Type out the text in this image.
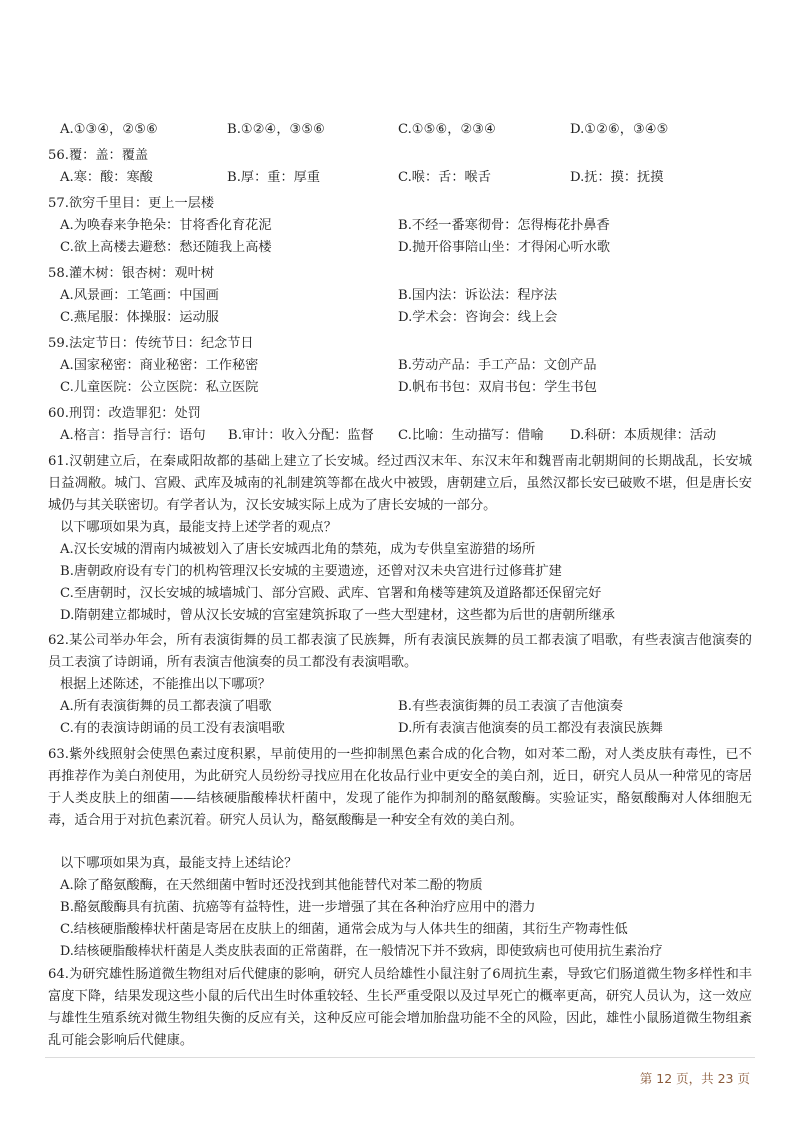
A.①③④，②⑤⑥	B.①②④，③⑤⑥	C.①⑤⑥，②③④	D.①②⑥，③④⑤
56.覆：盖：覆盖
A.寒：酸：寒酸	B.厚：重：厚重	C.喉：舌：喉舌	D.抚：摸：抚摸
57.欲穷千里目：更上一层楼
A.为唤春来争艳朵：甘将香化育花泥	B.不经一番寒彻骨：怎得梅花扑鼻香
C.欲上高楼去避愁：愁还随我上高楼	D.抛开俗事陪山坐：才得闲心听水歌
58.灌木树：银杏树：观叶树
A.风景画：工笔画：中国画	B.国内法：诉讼法：程序法
C.燕尾服：体操服：运动服	D.学术会：咨询会：线上会
59.法定节日：传统节日：纪念节日
A.国家秘密：商业秘密：工作秘密	B.劳动产品：手工产品：文创产品
C.儿童医院：公立医院：私立医院	D.帆布书包：双肩书包：学生书包
60.刑罚：改造罪犯：处罚
A.格言：指导言行：语句 B.审计：收入分配：监督 C.比喻：生动描写：借喻 D.科研：本质规律：活动
61.汉朝建立后，在秦咸阳故都的基础上建立了长安城。经过西汉末年、东汉末年和魏晋南北朝期间的长期战乱，长安城日益凋敝。城门、宫殿、武库及城南的礼制建筑等都在战火中被毁，唐朝建立后，虽然汉都长安已破败不堪，但是唐长安城仍与其关联密切。有学者认为，汉长安城实际上成为了唐长安城的一部分。
以下哪项如果为真，最能支持上述学者的观点？
A.汉长安城的渭南内城被划入了唐长安城西北角的禁苑，成为专供皇室游猎的场所
B.唐朝政府设有专门的机构管理汉长安城的主要遗迹，还曾对汉未央宫进行过修葺扩建
C.至唐朝时，汉长安城的城墙城门、部分宫殿、武库、官署和角楼等建筑及道路都还保留完好
D.隋朝建立都城时，曾从汉长安城的宫室建筑拆取了一些大型建材，这些都为后世的唐朝所继承
62.某公司举办年会，所有表演街舞的员工都表演了民族舞，所有表演民族舞的员工都表演了唱歌，有些表演吉他演奏的员工表演了诗朗诵，所有表演吉他演奏的员工都没有表演唱歌。
根据上述陈述，不能推出以下哪项？
A.所有表演街舞的员工都表演了唱歌	B.有些表演街舞的员工表演了吉他演奏
C.有的表演诗朗诵的员工没有表演唱歌	D.所有表演吉他演奏的员工都没有表演民族舞
63.紫外线照射会使黑色素过度积累，早前使用的一些抑制黑色素合成的化合物，如对苯二酚，对人类皮肤有毒性，已不再推荐作为美白剂使用，为此研究人员纷纷寻找应用在化妆品行业中更安全的美白剂，近日，研究人员从一种常见的寄居于人类皮肤上的细菌——结核硬脂酸棒状杆菌中，发现了能作为抑制剂的酪氨酸酶。实验证实，酪氨酸酶对人体细胞无毒，适合用于对抗色素沉着。研究人员认为，酪氨酸酶是一种安全有效的美白剂。
以下哪项如果为真，最能支持上述结论？
A.除了酪氨酸酶，在天然细菌中暂时还没找到其他能替代对苯二酚的物质
B.酪氨酸酶具有抗菌、抗癌等有益特性，进一步增强了其在各种治疗应用中的潜力
C.结核硬脂酸棒状杆菌是寄居在皮肤上的细菌，通常会成为与人体共生的细菌，其衍生产物毒性低
D.结核硬脂酸棒状杆菌是人类皮肤表面的正常菌群，在一般情况下并不致病，即使致病也可使用抗生素治疗
64.为研究雄性肠道微生物组对后代健康的影响，研究人员给雄性小鼠注射了6周抗生素，导致它们肠道微生物多样性和丰富度下降，结果发现这些小鼠的后代出生时体重较轻、生长严重受限以及过早死亡的概率更高，研究人员认为，这一效应与雄性生殖系统对微生物组失衡的反应有关，这种反应可能会增加胎盘功能不全的风险，因此，雄性小鼠肠道微生物组紊乱可能会影响后代健康。
第 12 页，共 23 页
